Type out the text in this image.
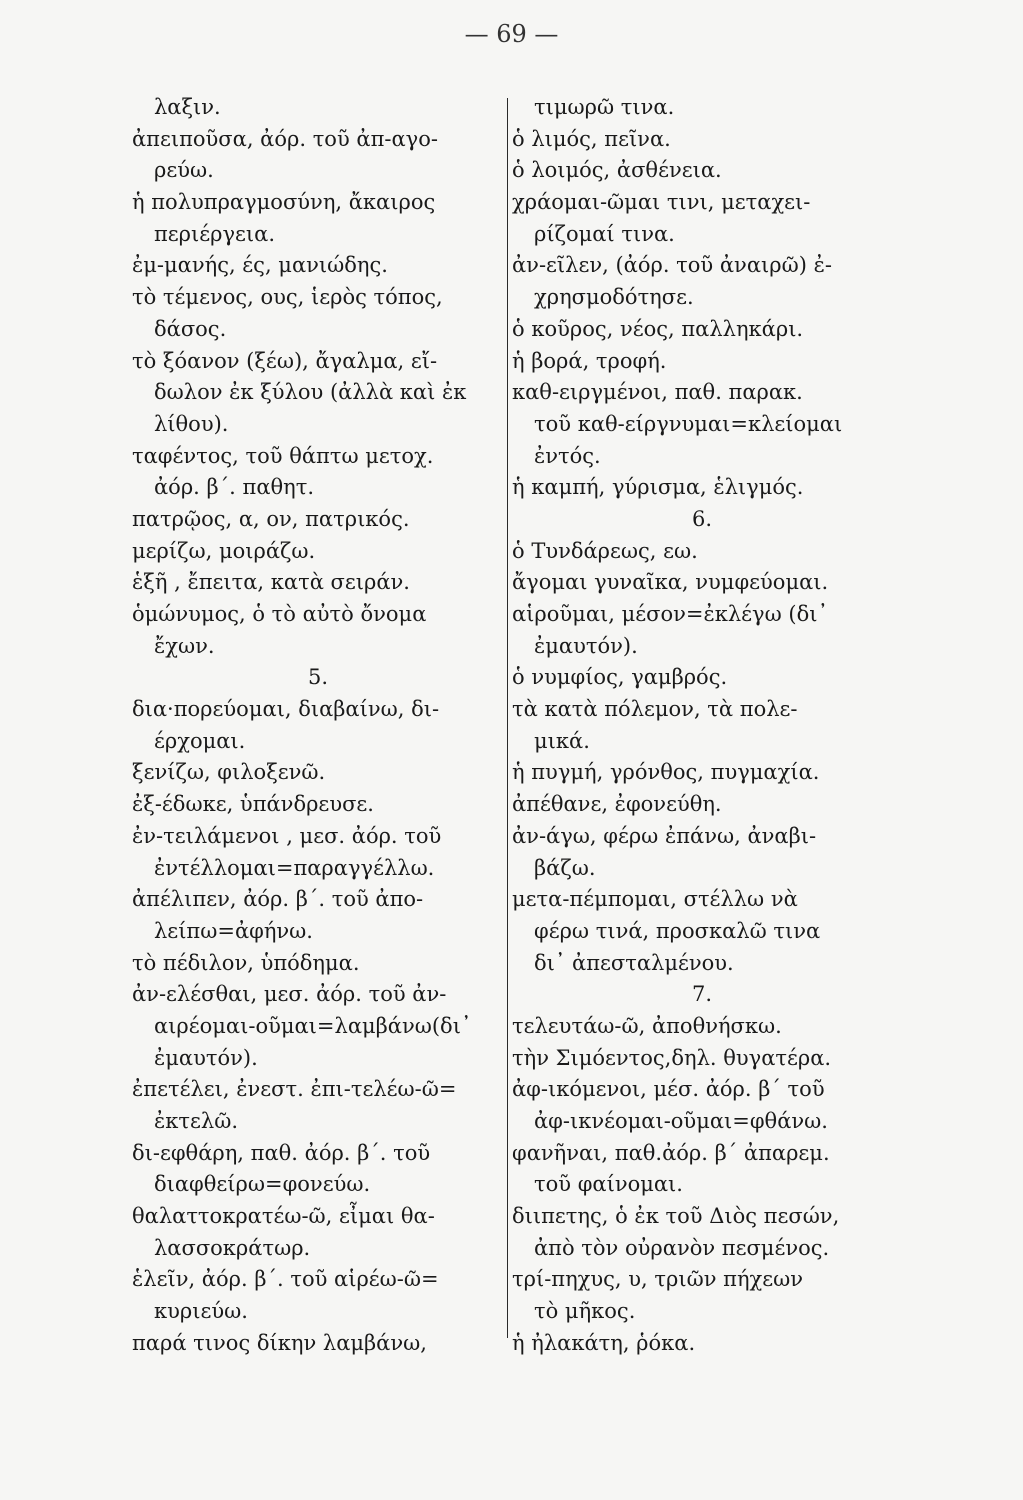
— 69 —
λαξιν.
ἀπειποῦσα, ἀόρ. τοῦ ἀπ-αγο-
ρεύω.
ἡ πολυπραγμοσύνη, ἄκαιρος
περιέργεια.
ἐμ-μανής, ές, μανιώδης.
τὸ τέμενος, ους, ἱερὸς τόπος,
δάσος.
τὸ ξόανον (ξέω), ἄγαλμα, εἴ-
δωλον ἐκ ξύλου (ἀλλὰ καὶ ἐκ
λίθου).
ταφέντος, τοῦ θάπτω μετοχ.
ἀόρ. β΄. παθητ.
πατρῷος, α, ον, πατρικός.
μερίζω, μοιράζω.
ἑξῆ , ἔπειτα, κατὰ σειράν.
ὁμώνυμος, ὁ τὸ αὐτὸ ὄνομα
ἔχων.
5.
δια·πορεύομαι, διαβαίνω, δι-
έρχομαι.
ξενίζω, φιλοξενῶ.
ἐξ-έδωκε, ὑπάνδρευσε.
ἐν-τειλάμενοι , μεσ. ἀόρ. τοῦ
ἐντέλλομαι=παραγγέλλω.
ἀπέλιπεν, ἀόρ. β΄. τοῦ ἀπο-
λείπω=ἀφήνω.
τὸ πέδιλον, ὑπόδημα.
ἀν-ελέσθαι, μεσ. ἀόρ. τοῦ ἀν-
αιρέομαι-οῦμαι=λαμβάνω(δι᾽
ἐμαυτόν).
ἐπετέλει, ἐνεστ. ἐπι-τελέω-ῶ=
ἐκτελῶ.
δι-εφθάρη, παθ. ἀόρ. β΄. τοῦ
διαφθείρω=φονεύω.
θαλαττοκρατέω-ῶ, εἶμαι θα-
λασσοκράτωρ.
ἑλεῖν, ἀόρ. β΄. τοῦ αἱρέω-ῶ=
κυριεύω.
παρά τινος δίκην λαμβάνω,
τιμωρῶ τινα.
ὁ λιμός, πεῖνα.
ὁ λοιμός, ἀσθένεια.
χράομαι-ῶμαι τινι, μεταχει-
ρίζομαί τινα.
ἀν-εῖλεν, (ἀόρ. τοῦ ἀναιρῶ) ἐ-
χρησμοδότησε.
ὁ κοῦρος, νέος, παλληκάρι.
ἡ βορά, τροφή.
καθ-ειργμένοι, παθ. παρακ.
τοῦ καθ-είργνυμαι=κλείομαι
ἐντός.
ἡ καμπή, γύρισμα, ἑλιγμός.
6.
ὁ Τυνδάρεως, εω.
ἄγομαι γυναῖκα, νυμφεύομαι.
αἱροῦμαι, μέσον=ἐκλέγω (δι᾽
ἐμαυτόν).
ὁ νυμφίος, γαμβρός.
τὰ κατὰ πόλεμον, τὰ πολε-
μικά.
ἡ πυγμή, γρόνθος, πυγμαχία.
ἀπέθανε, ἐφονεύθη.
ἀν-άγω, φέρω ἐπάνω, ἀναβι-
βάζω.
μετα-πέμπομαι, στέλλω νὰ
φέρω τινά, προσκαλῶ τινα
δι᾽ ἀπεσταλμένου.
7.
τελευτάω-ῶ, ἀποθνήσκω.
τὴν Σιμόεντος,δηλ. θυγατέρα.
ἀφ-ικόμενοι, μέσ. ἀόρ. β΄ τοῦ
ἀφ-ικνέομαι-οῦμαι=φθάνω.
φανῆναι, παθ.ἀόρ. β΄ ἀπαρεμ.
τοῦ φαίνομαι.
διιπετης, ὁ ἐκ τοῦ Διὸς πεσών,
ἀπὸ τὸν οὐρανὸν πεσμένος.
τρί-πηχυς, υ, τριῶν πήχεων
τὸ μῆκος.
ἡ ἠλακάτη, ῥόκα.
